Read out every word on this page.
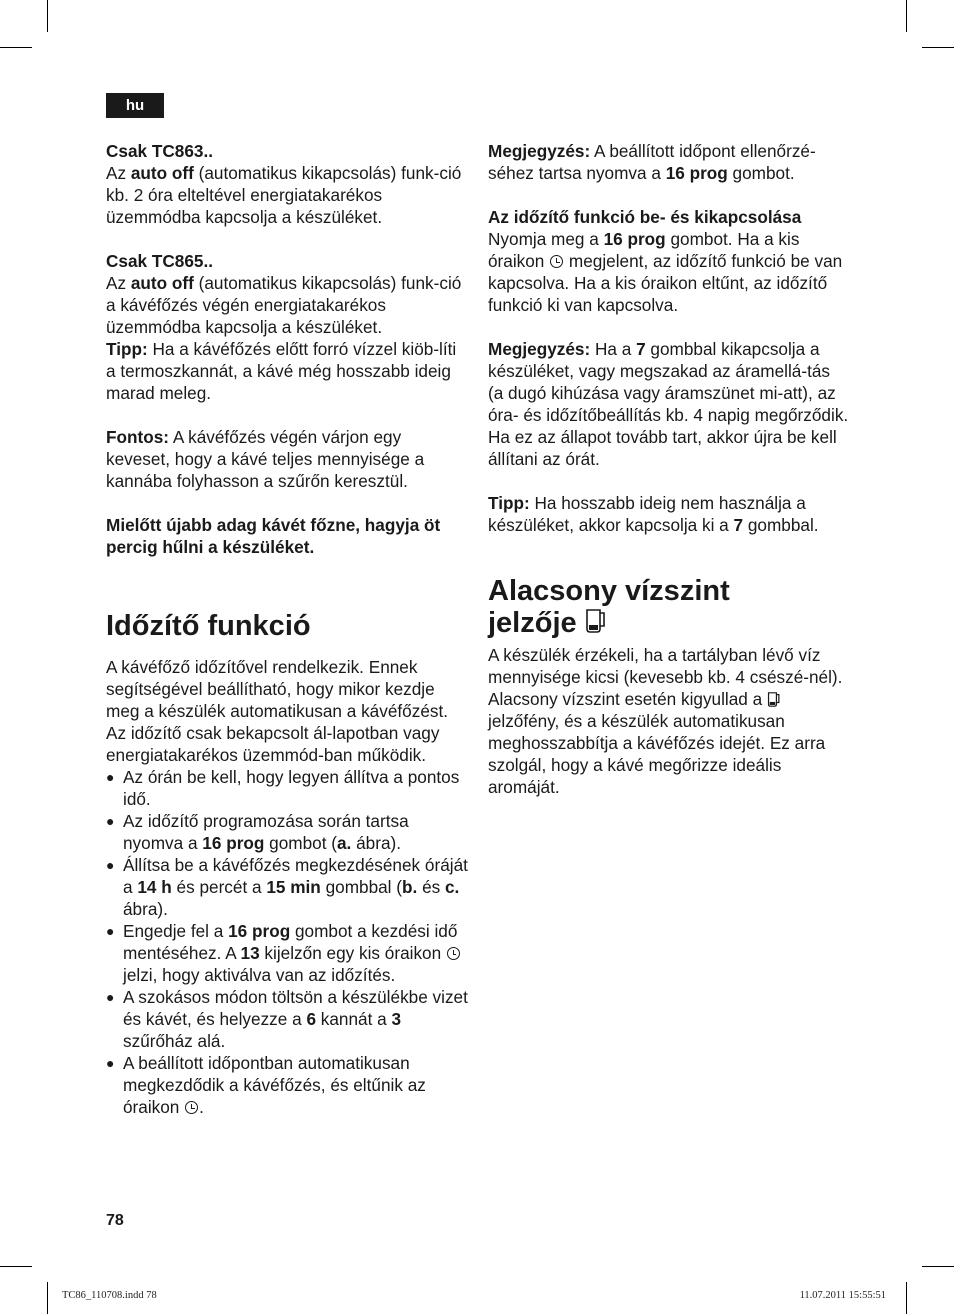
hu

Csak TC863..

Az auto off (automatikus kikapcsolás) funk-ció kb. 2 óra elteltével energiatakarékos üzemmódba kapcsolja a készüléket.

Csak TC865..

Az auto off (automatikus kikapcsolás) funk-ció a kávéfőzés végén energiatakarékos üzemmódba kapcsolja a készüléket.

Tipp: Ha a kávéfőzés előtt forró vízzel kiöb-líti a termoszkannát, a kávé még hosszabb ideig marad meleg.

Fontos: A kávéfőzés végén várjon egy keveset, hogy a kávé teljes mennyisége a kannába folyhasson a szűrőn keresztül.

Mielőtt újabb adag kávét főzne, hagyja öt percig hűlni a készüléket.

Időzítő funkció

A kávéfőző időzítővel rendelkezik. Ennek segítségével beállítható, hogy mikor kezdje meg a készülék automatikusan a kávéfőzést. Az időzítő csak bekapcsolt ál-lapotban vagy energiatakarékos üzemmód-ban működik.

● Az órán be kell, hogy legyen állítva a pontos idő.
● Az időzítő programozása során tartsa nyomva a 16 prog gombot (a. ábra).
● Állítsa be a kávéfőzés megkezdésének óráját a 14 h és percét a 15 min gombbal (b. és c. ábra).
● Engedje fel a 16 prog gombot a kezdési idő mentéséhez. A 13 kijelzőn egy kis óraikon  jelzi, hogy aktiválva van az időzítés.
● A szokásos módon töltsön a készülékbe vizet és kávét, és helyezze a 6 kannát a 3 szűrőház alá.
● A beállított időpontban automatikusan megkezdődik a kávéfőzés, és eltűnik az óraikon .

Megjegyzés: A beállított időpont ellenőrzé-séhez tartsa nyomva a 16 prog gombot.

Az időzítő funkció be- és kikapcsolása

Nyomja meg a 16 prog gombot. Ha a kis óraikon  megjelent, az időzítő funkció be van kapcsolva. Ha a kis óraikon eltűnt, az időzítő funkció ki van kapcsolva.

Megjegyzés: Ha a 7 gombbal kikapcsolja a készüléket, vagy megszakad az áramellá-tás (a dugó kihúzása vagy áramszünet mi-att), az óra- és időzítőbeállítás kb. 4 napig megőrződik. Ha ez az állapot tovább tart, akkor újra be kell állítani az órát.

Tipp: Ha hosszabb ideig nem használja a készüléket, akkor kapcsolja ki a 7 gombbal.

Alacsony vízszint
jelzője

A készülék érzékeli, ha a tartályban lévő víz mennyisége kicsi (kevesebb kb. 4 csészé-nél).

Alacsony vízszint esetén kigyullad a  jelzőfény, és a készülék automatikusan meghosszabbítja a kávéfőzés idejét. Ez arra szolgál, hogy a kávé megőrizze ideális aromáját.

78
TC86_110708.indd 78	11.07.2011 15:55:51
